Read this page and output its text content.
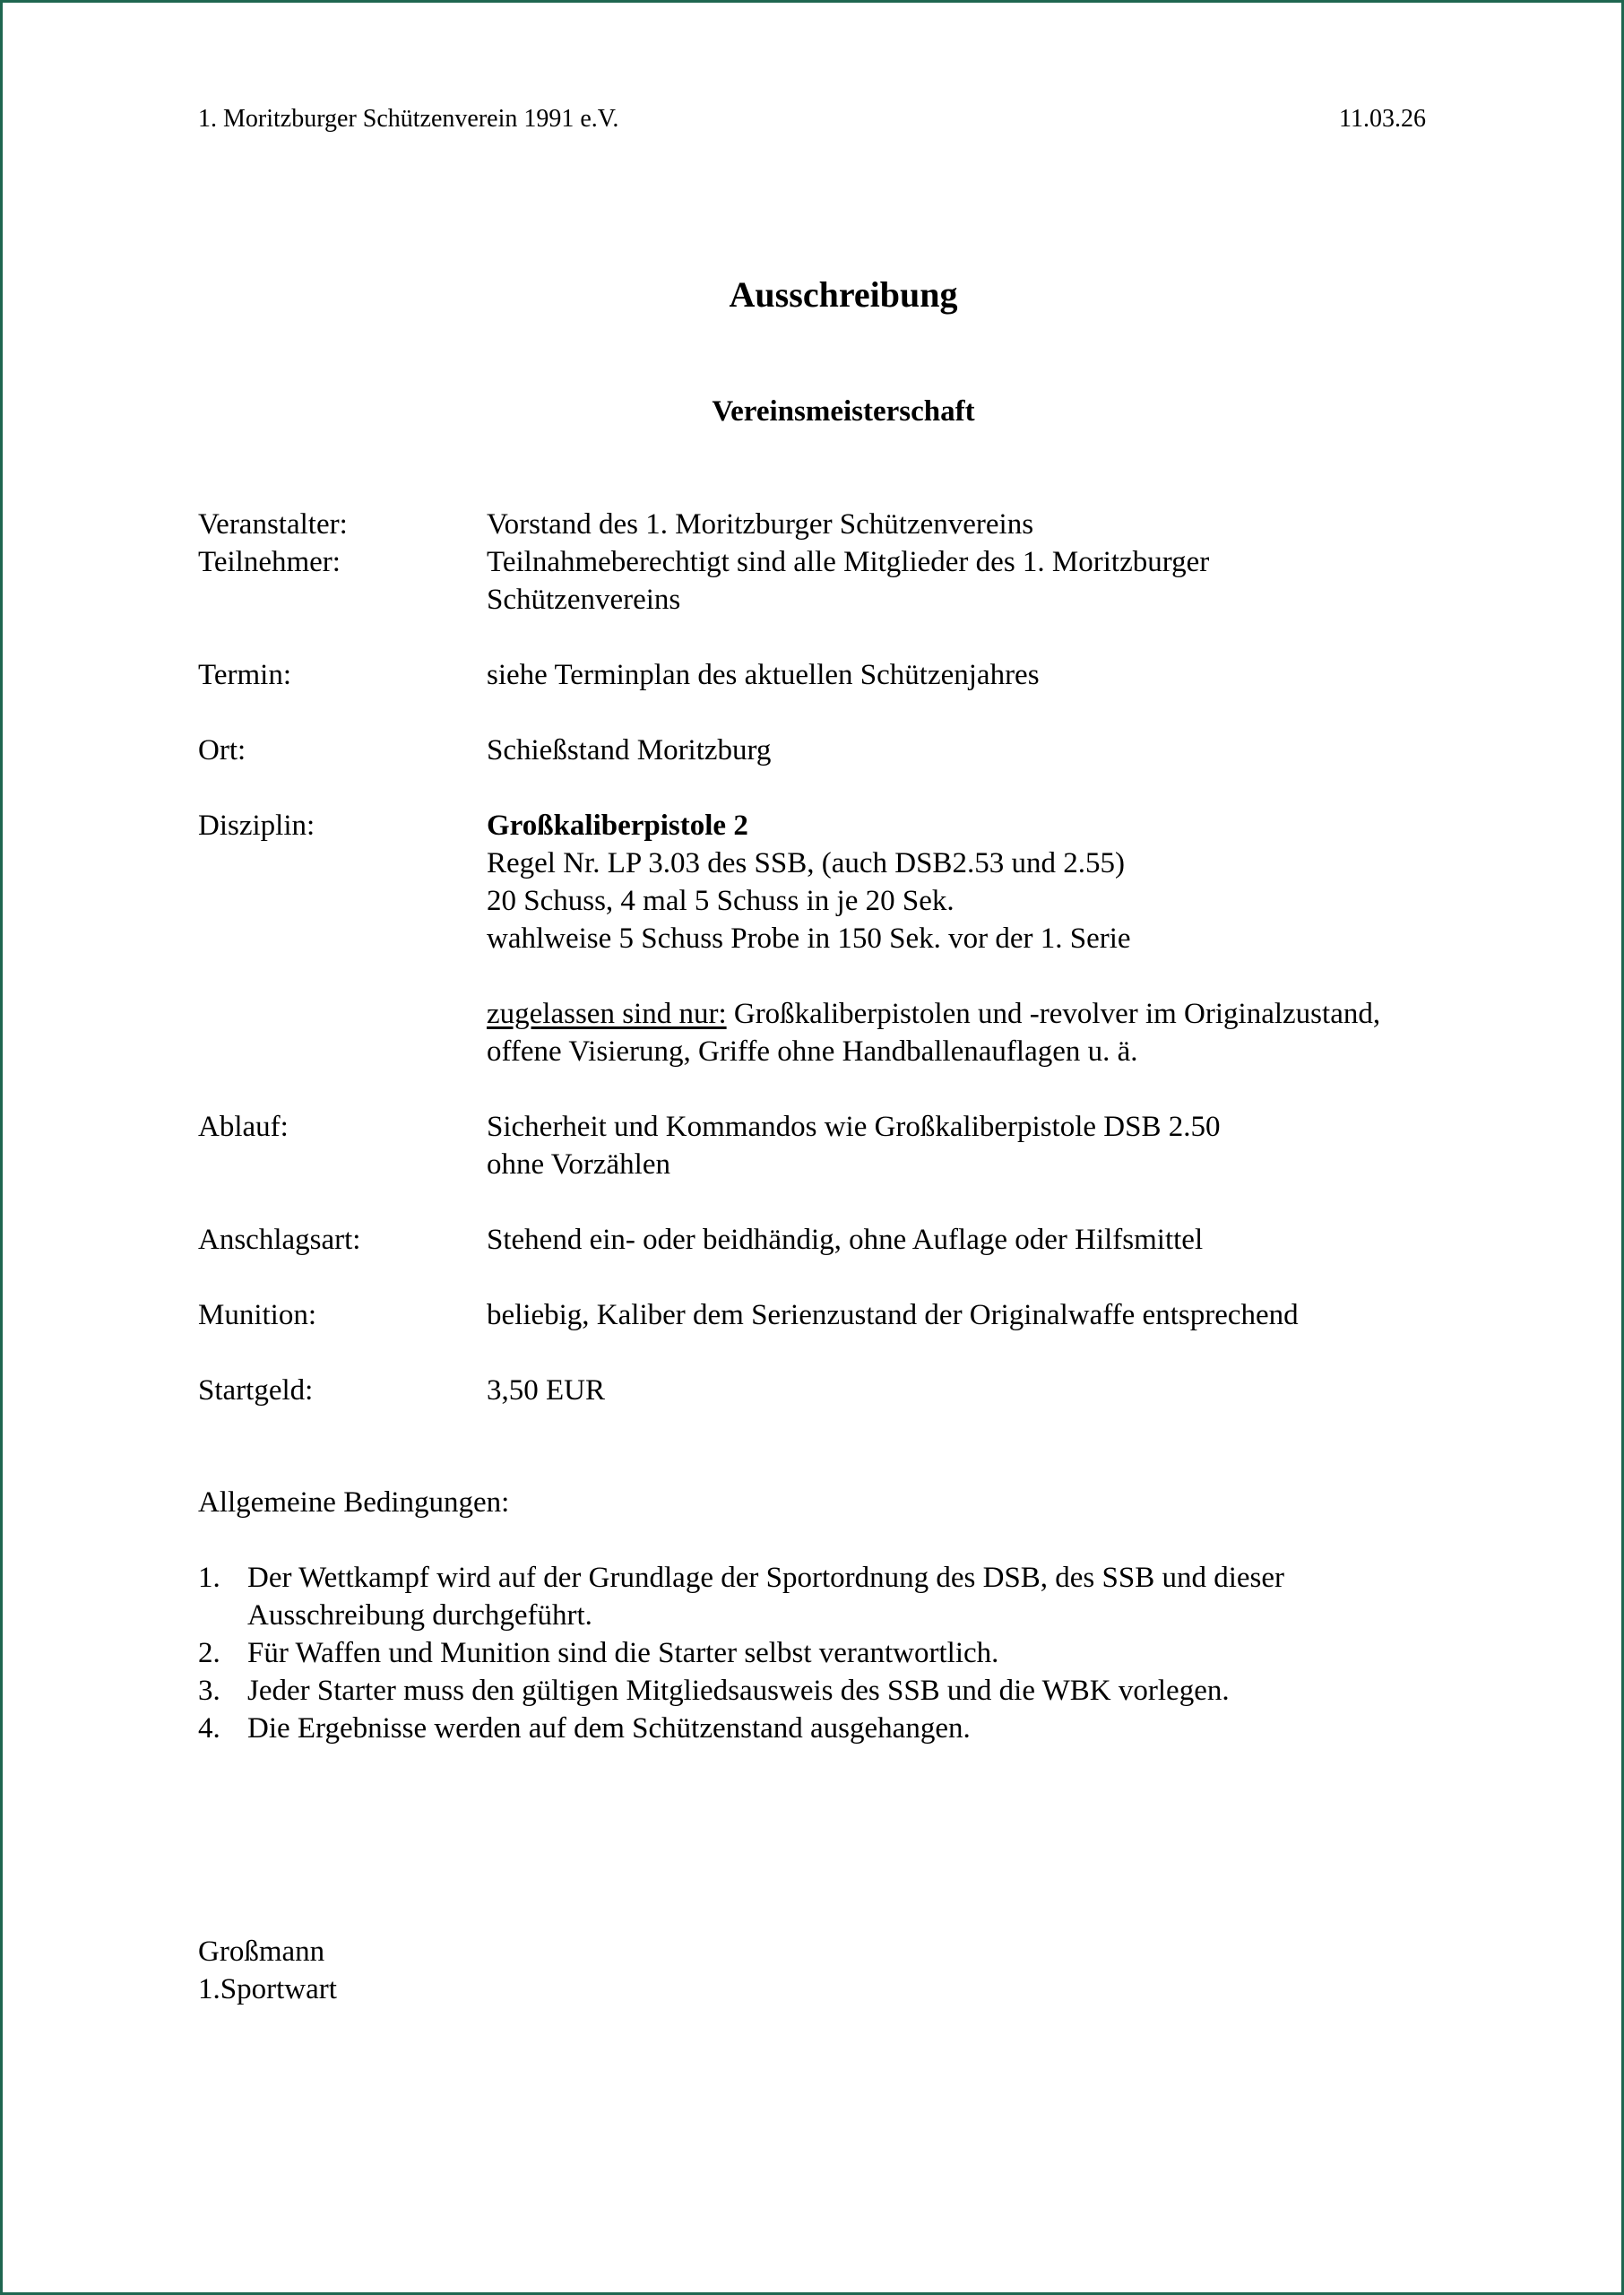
1. Moritzburger Schützenverein 1991 e.V.	11.03.26
Ausschreibung
Vereinsmeisterschaft
Veranstalter:	Vorstand des 1. Moritzburger Schützenvereins
Teilnehmer:	Teilnahmeberechtigt sind alle Mitglieder des 1. Moritzburger
Schützenvereins
Termin:	siehe Terminplan des aktuellen Schützenjahres
Ort:	Schießstand Moritzburg
Disziplin:	Großkaliberpistole 2
Regel Nr. LP 3.03 des SSB, (auch DSB2.53 und 2.55)
20 Schuss, 4 mal 5 Schuss in je 20 Sek.
wahlweise 5 Schuss Probe in 150 Sek. vor der 1. Serie
zugelassen sind nur: Großkaliberpistolen und -revolver im Originalzustand,
offene Visierung, Griffe ohne Handballenauflagen u. ä.
Ablauf:	Sicherheit und Kommandos wie Großkaliberpistole DSB 2.50
ohne Vorzählen
Anschlagsart:	Stehend ein- oder beidhändig, ohne Auflage oder Hilfsmittel
Munition:	beliebig, Kaliber dem Serienzustand der Originalwaffe entsprechend
Startgeld:	3,50 EUR
Allgemeine Bedingungen:
1. Der Wettkampf wird auf der Grundlage der Sportordnung des DSB, des SSB und dieser
Ausschreibung durchgeführt.
2. Für Waffen und Munition sind die Starter selbst verantwortlich.
3. Jeder Starter muss den gültigen Mitgliedsausweis des SSB und die WBK vorlegen.
4. Die Ergebnisse werden auf dem Schützenstand ausgehangen.
Großmann
1.Sportwart
